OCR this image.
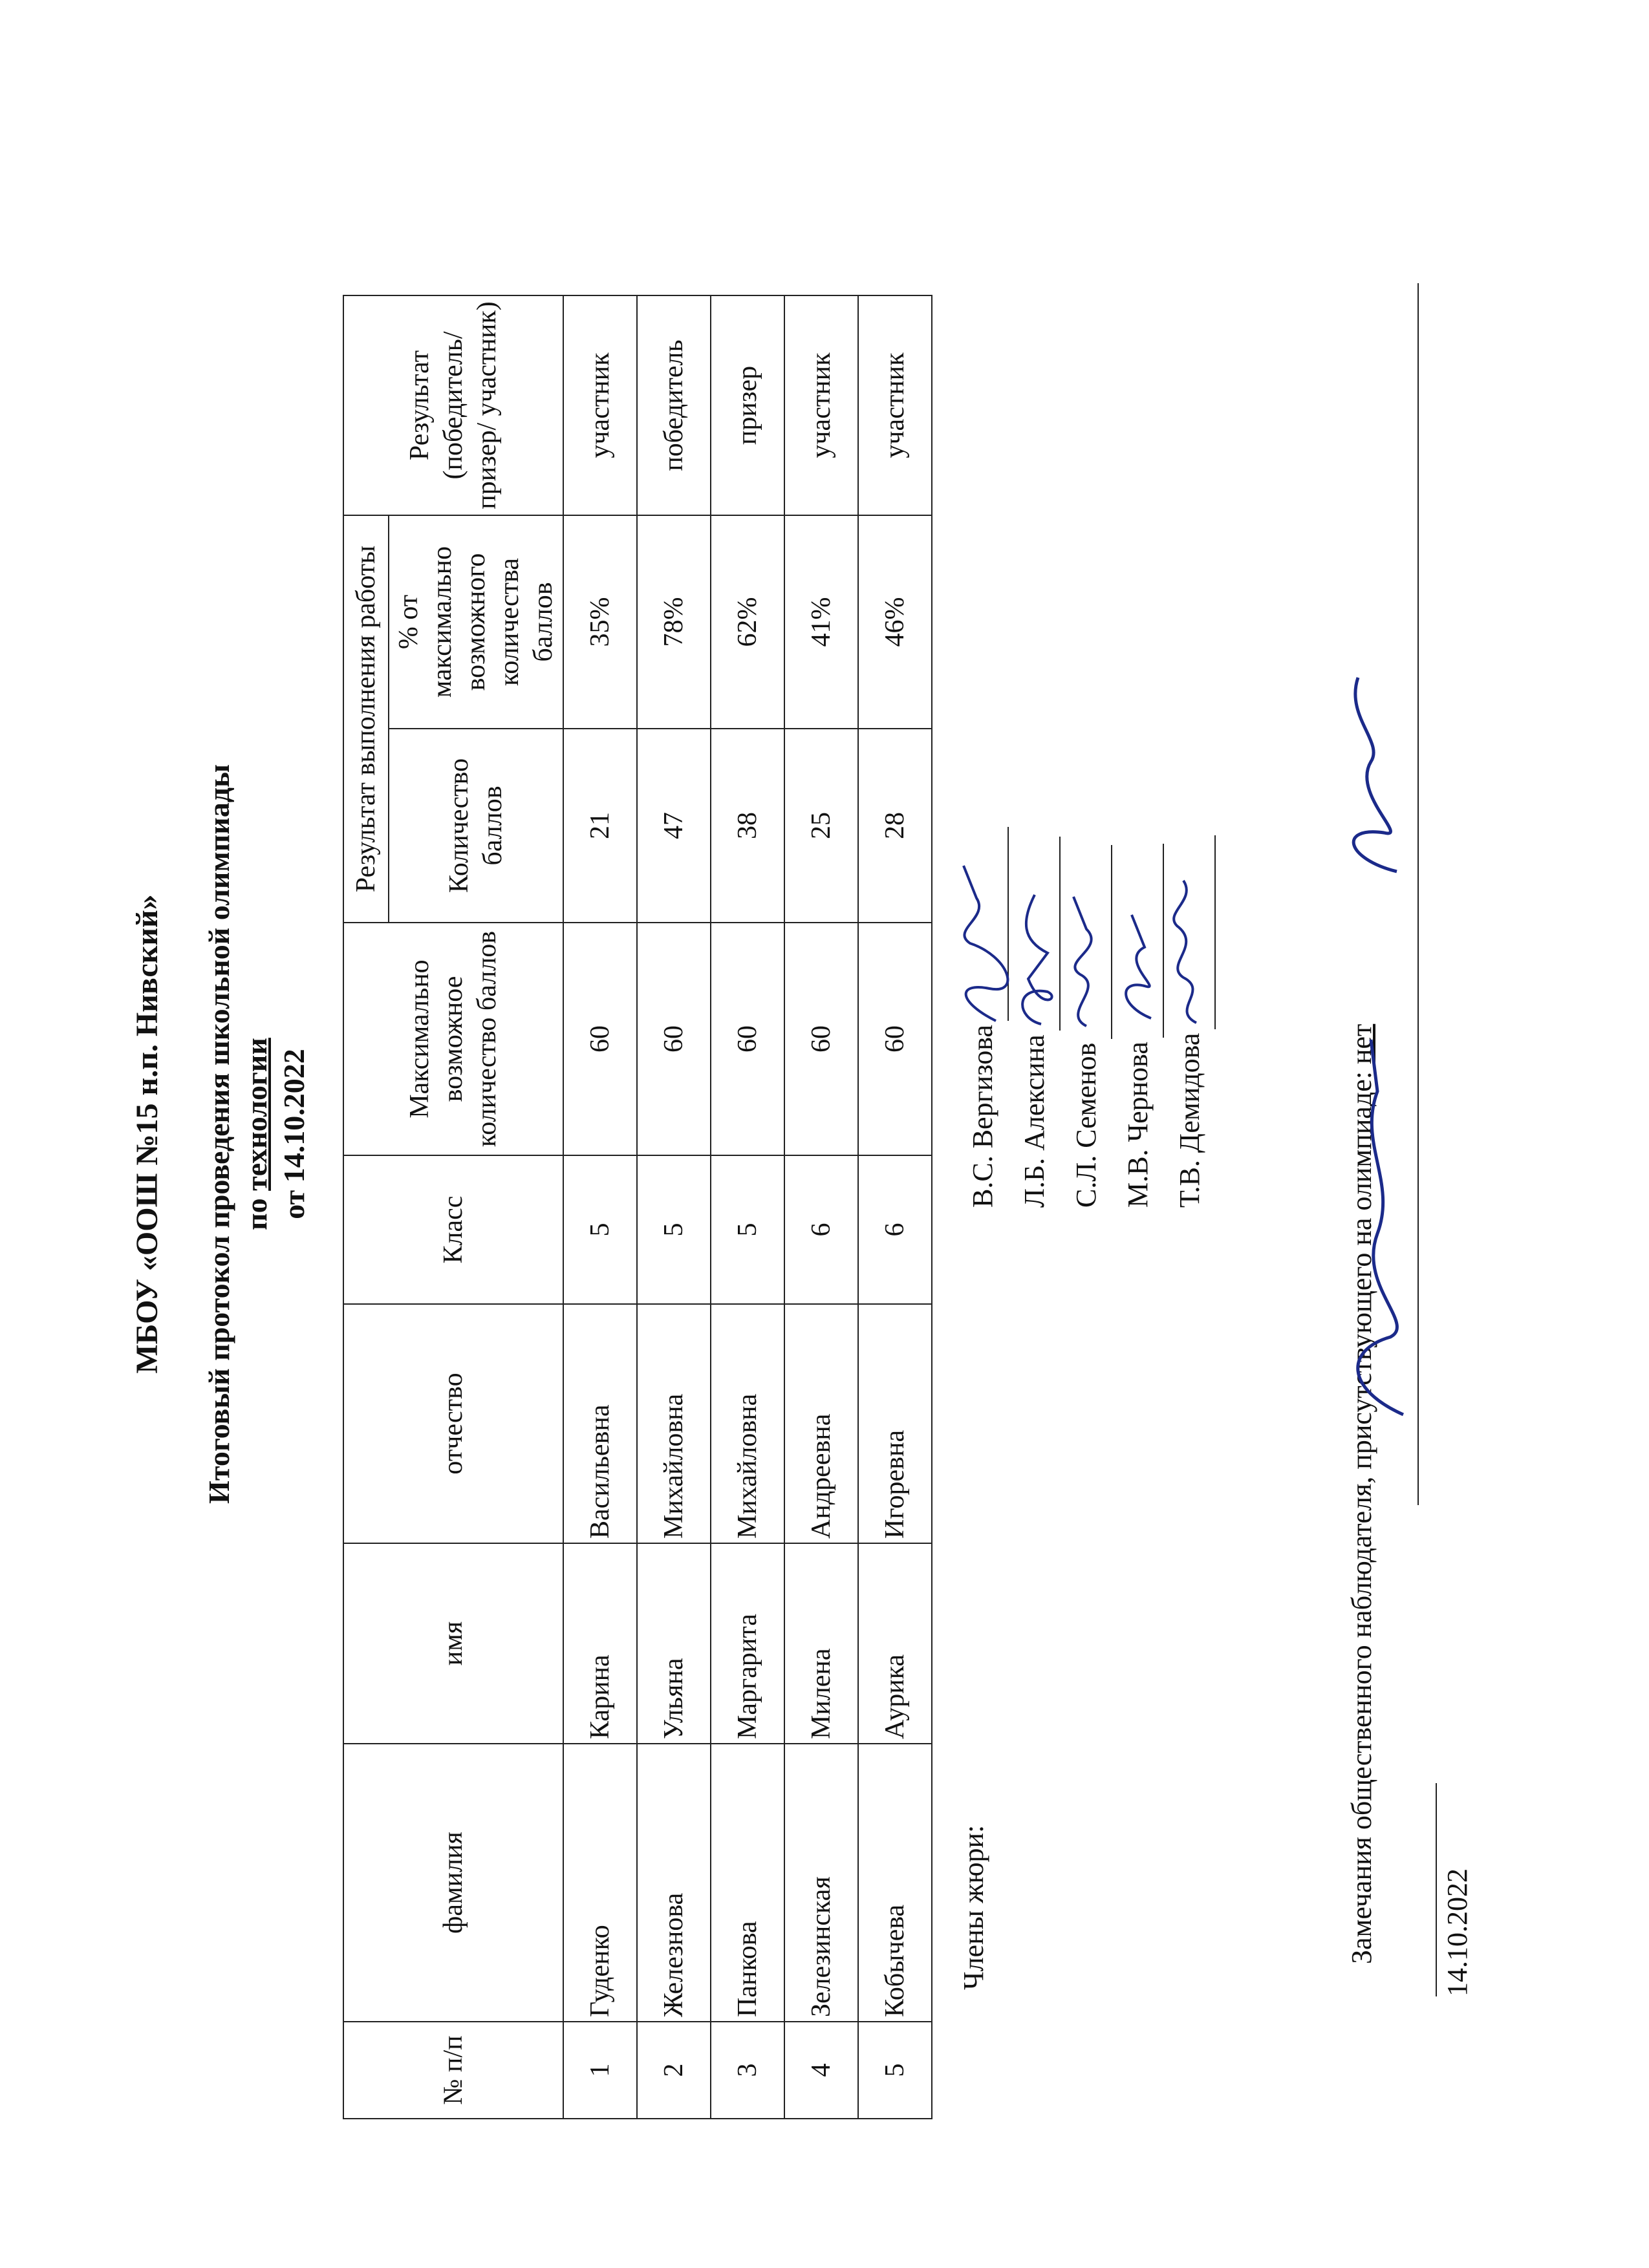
МБОУ «ООШ №15 н.п. Нивский» Итоговый протокол проведения школьной олимпиады по технологии от 14.10.2022
№ п/п	фамилия	имя	отчество	Класс	Максимально возможное количество баллов	Результат выполнения работы		Результат (победитель/ призер/ участник)
						Количество баллов	% от максимально возможного количества баллов	
1	Гуденко	Карина	Васильевна	5	60	21	35%	участник
2	Железнова	Ульяна	Михайловна	5	60	47	78%	победитель
3	Панкова	Маргарита	Михайловна	5	60	38	62%	призер
4	Зелезинская	Милена	Андреевна	6	60	25	41%	участник
5	Кобычева	Аурика	Игоревна	6	60	28	46%	участник
Члены жюри:
В.С. Вергизова Л.Б. Алексина С.Л. Семенов М.В. Чернова Т.В. Демидова	Замечания общественного наблюдателя, присутствующего на олимпиаде: нет
14.10.2022
